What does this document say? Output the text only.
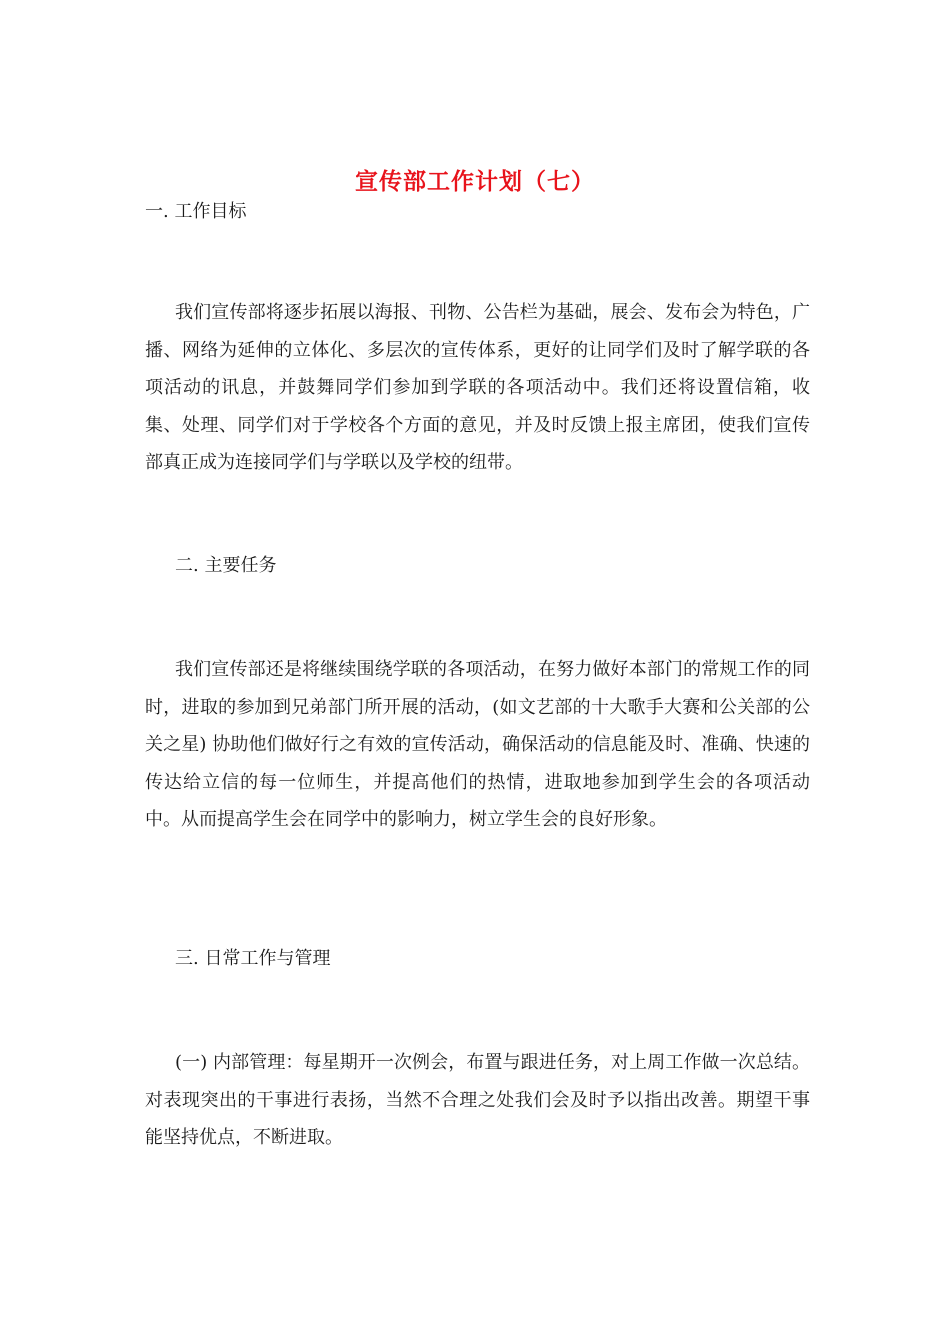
宣传部工作计划（七）

一. 工作目标

我们宣传部将逐步拓展以海报、刊物、公告栏为基础，展会、发布会为特色，广播、网络为延伸的立体化、多层次的宣传体系，更好的让同学们及时了解学联的各项活动的讯息，并鼓舞同学们参加到学联的各项活动中。我们还将设置信箱，收集、处理、同学们对于学校各个方面的意见，并及时反馈上报主席团，使我们宣传部真正成为连接同学们与学联以及学校的纽带。

二. 主要任务

我们宣传部还是将继续围绕学联的各项活动，在努力做好本部门的常规工作的同时，进取的参加到兄弟部门所开展的活动，(如文艺部的十大歌手大赛和公关部的公关之星) 协助他们做好行之有效的宣传活动，确保活动的信息能及时、准确、快速的传达给立信的每一位师生，并提高他们的热情，进取地参加到学生会的各项活动中。从而提高学生会在同学中的影响力，树立学生会的良好形象。

三. 日常工作与管理

(一) 内部管理：每星期开一次例会，布置与跟进任务，对上周工作做一次总结。对表现突出的干事进行表扬，当然不合理之处我们会及时予以指出改善。期望干事能坚持优点，不断进取。
